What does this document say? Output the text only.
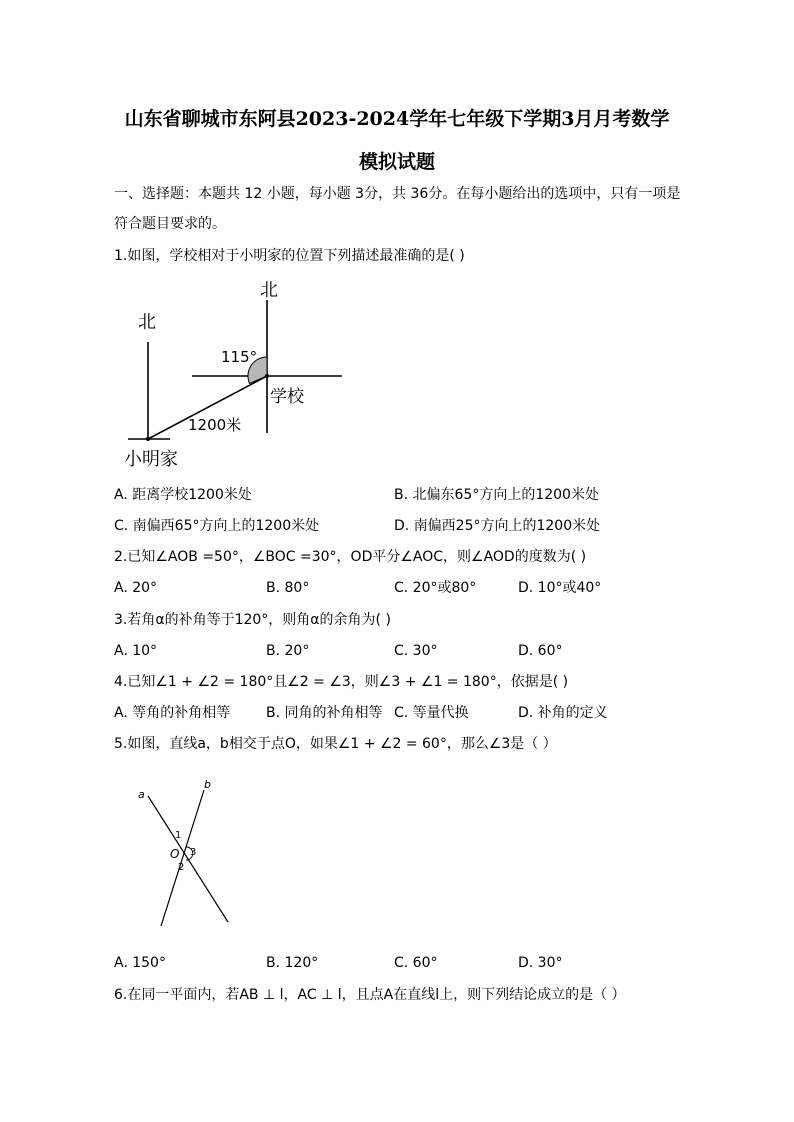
山东省聊城市东阿县2023-2024学年七年级下学期3月月考数学
模拟试题
一、选择题：本题共 12 小题，每小题 3分，共 36分。在每小题给出的选项中，只有一项是
符合题目要求的。
1.如图，学校相对于小明家的位置下列描述最准确的是( )
北
北
115°
学校
1200米
小明家
A. 距离学校1200米处	B. 北偏东65°方向上的1200米处
C. 南偏西65°方向上的1200米处	D. 南偏西25°方向上的1200米处
2.已知∠AOB =50°，∠BOC =30°，OD平分∠AOC，则∠AOD的度数为( )
A. 20°	B. 80°	C. 20°或80°	D. 10°或40°
3.若角α的补角等于120°，则角α的余角为( )
A. 10°	B. 20°	C. 30°	D. 60°
4.已知∠1 + ∠2 = 180°且∠2 = ∠3，则∠3 + ∠1 = 180°，依据是( )
A. 等角的补角相等	B. 同角的补角相等 C. 等量代换	D. 补角的定义
5.如图，直线a，b相交于点O，如果∠1 + ∠2 = 60°，那么∠3是（ ）
a
b
O
1
2
3
A. 150°	B. 120°	C. 60°	D. 30°
6.在同一平面内，若AB ⊥ l，AC ⊥ l，且点A在直线l上，则下列结论成立的是（ ）
